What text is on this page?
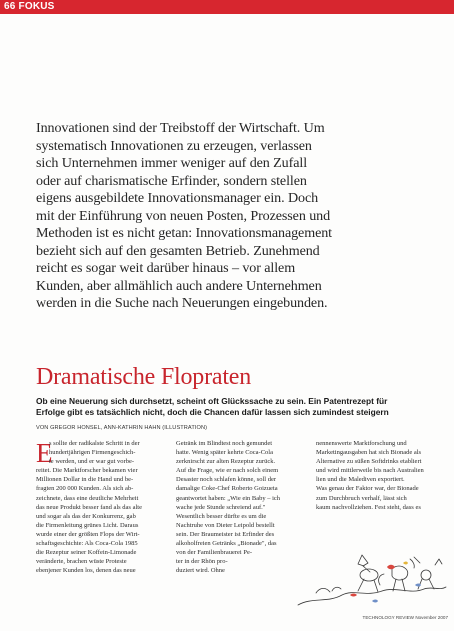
66 FOKUS
Innovationen sind der Treibstoff der Wirtschaft. Um
systematisch Innovationen zu erzeugen, verlassen
sich Unternehmen immer weniger auf den Zufall
oder auf charismatische Erfinder, sondern stellen
eigens ausgebildete Innovationsmanager ein. Doch
mit der Einführung von neuen Posten, Prozessen und
Methoden ist es nicht getan: Innovationsmanagement
bezieht sich auf den gesamten Betrieb. Zunehmend
reicht es sogar weit darüber hinaus – vor allem
Kunden, aber allmählich auch andere Unternehmen
werden in die Suche nach Neuerungen eingebunden.
Dramatische Flopraten
Ob eine Neuerung sich durchsetzt, scheint oft Glückssache zu sein. Ein Patentrezept für
Erfolge gibt es tatsächlich nicht, doch die Chancen dafür lassen sich zumindest steigern
VON GREGOR HONSEL, ANN-KATHRIN HAHN (ILLUSTRATION)
E
s sollte der radikalste Schritt in der
hundertjährigen Firmengeschich-
te werden, und er war gut vorbe-
reitet. Die Marktforscher bekamen vier
Millionen Dollar in die Hand und be-
fragten 200 000 Kunden. Als sich ab-
zeichnete, dass eine deutliche Mehrheit
das neue Produkt besser fand als das alte
und sogar als das der Konkurrenz, gab
die Firmenleitung grünes Licht. Daraus
wurde einer der größten Flops der Wirt-
schaftsgeschichte: Als Coca-Cola 1985
die Rezeptur seiner Koffein-Limonade
veränderte, brachen wüste Proteste
ebenjener Kunden los, denen das neue
Getränk im Blindtest noch gemundet
hatte. Wenig später kehrte Coca-Cola
zerknirscht zur alten Rezeptur zurück.
Auf die Frage, wie er nach solch einem
Desaster noch schlafen könne, soll der
damalige Coke-Chef Roberto Goizueta
geantwortet haben: „Wie ein Baby – ich
wache jede Stunde schreiend auf."
Wesentlich besser dürfte es um die
Nachtruhe von Dieter Leipold bestellt
sein. Der Braumeister ist Erfinder des
alkoholfreien Getränks „Bionade", das
von der Familienbrauerei Pe-
ter in der Rhön pro-
duziert wird. Ohne
nennenswerte Marktforschung und
Marketingausgaben hat sich Bionade als
Alternative zu süßen Softdrinks etabliert
und wird mittlerweile bis nach Australien
lien und die Malediven exportiert.
Was genau der Faktor war, der Bionade
zum Durchbruch verhalf, lässt sich
kaum nachvollziehen. Fest steht, dass es
TECHNOLOGY REVIEW November 2007
